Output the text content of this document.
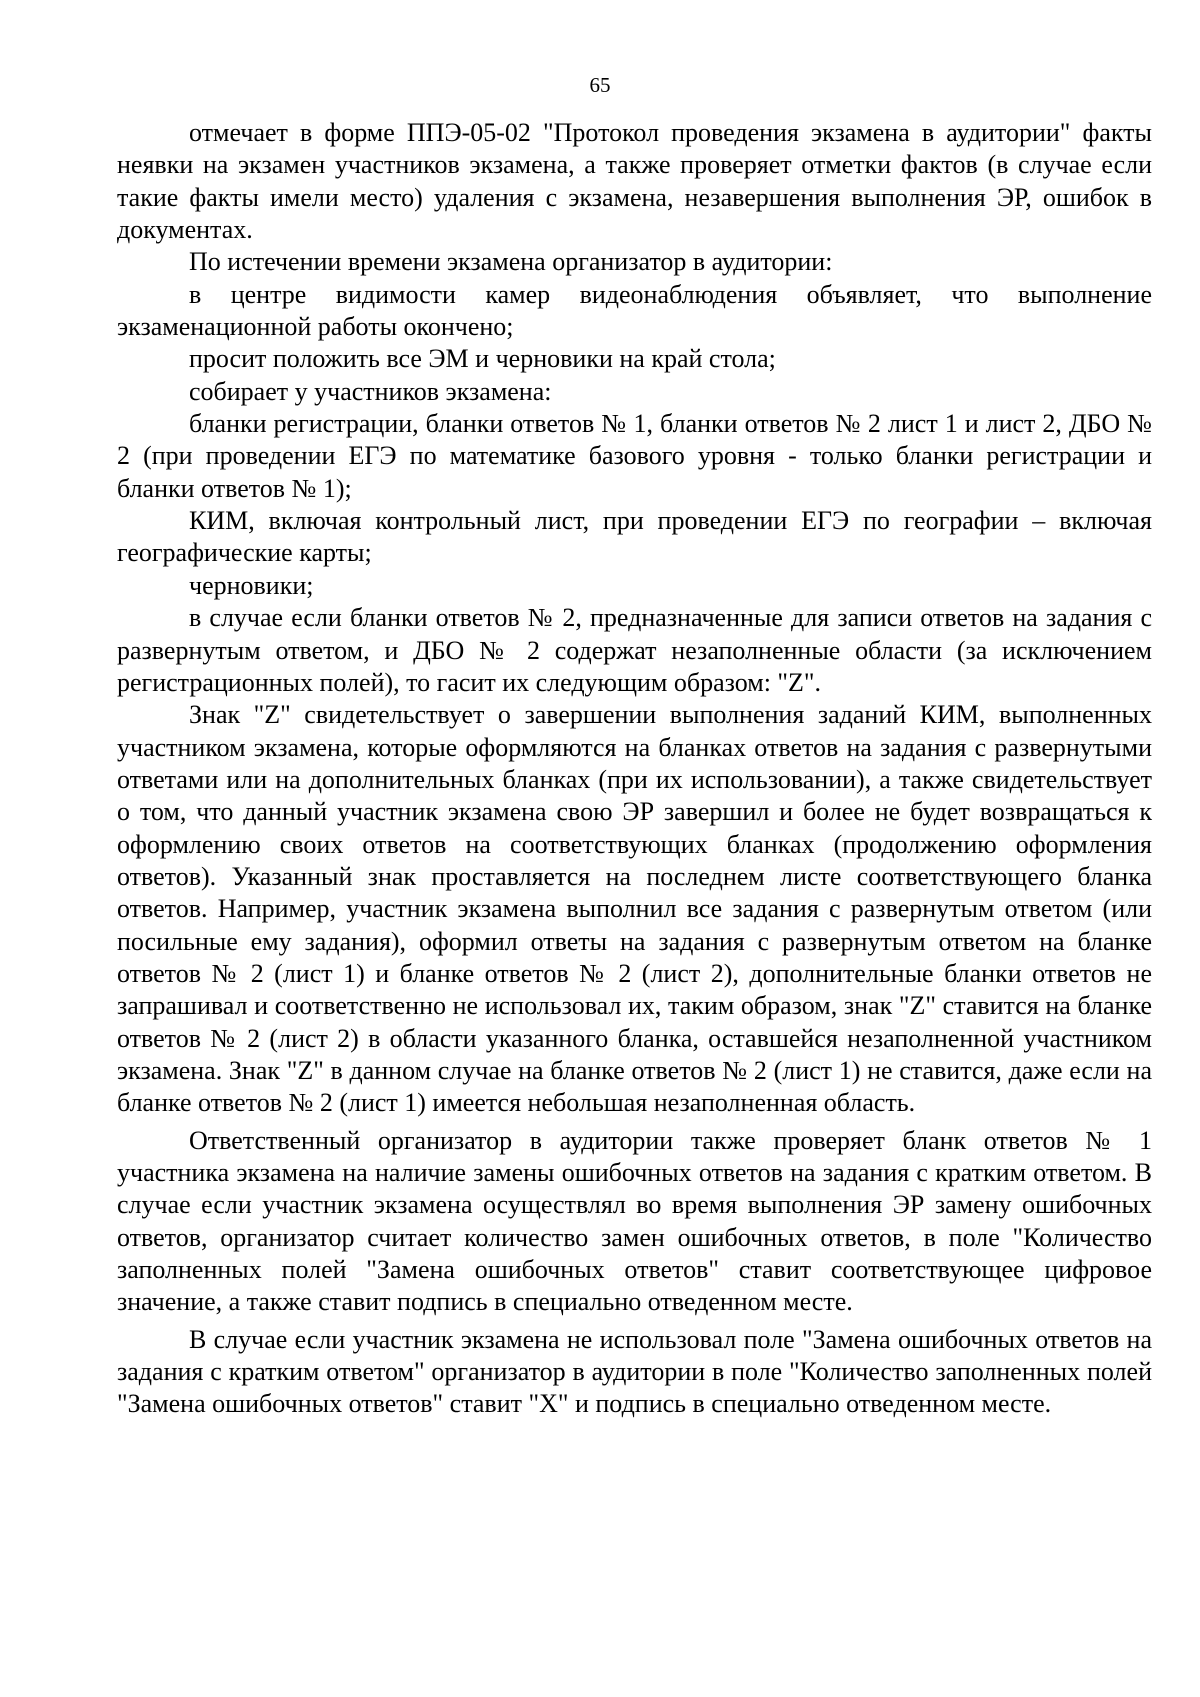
65

отмечает в форме ППЭ-05-02 "Протокол проведения экзамена в аудитории" факты неявки на экзамен участников экзамена, а также проверяет отметки фактов (в случае если такие факты имели место) удаления с экзамена, незавершения выполнения ЭР, ошибок в документах.

По истечении времени экзамена организатор в аудитории:

в центре видимости камер видеонаблюдения объявляет, что выполнение экзаменационной работы окончено;

просит положить все ЭМ и черновики на край стола;

собирает у участников экзамена:

бланки регистрации, бланки ответов № 1, бланки ответов № 2 лист 1 и лист 2, ДБО № 2 (при проведении ЕГЭ по математике базового уровня - только бланки регистрации и бланки ответов № 1);

КИМ, включая контрольный лист, при проведении ЕГЭ по географии – включая географические карты;

черновики;

в случае если бланки ответов № 2, предназначенные для записи ответов на задания с развернутым ответом, и ДБО № 2 содержат незаполненные области (за исключением регистрационных полей), то гасит их следующим образом: "Z".

Знак "Z" свидетельствует о завершении выполнения заданий КИМ, выполненных участником экзамена, которые оформляются на бланках ответов на задания с развернутыми ответами или на дополнительных бланках (при их использовании), а также свидетельствует о том, что данный участник экзамена свою ЭР завершил и более не будет возвращаться к оформлению своих ответов на соответствующих бланках (продолжению оформления ответов). Указанный знак проставляется на последнем листе соответствующего бланка ответов. Например, участник экзамена выполнил все задания с развернутым ответом (или посильные ему задания), оформил ответы на задания с развернутым ответом на бланке ответов № 2 (лист 1) и бланке ответов № 2 (лист 2), дополнительные бланки ответов не запрашивал и соответственно не использовал их, таким образом, знак "Z" ставится на бланке ответов № 2 (лист 2) в области указанного бланка, оставшейся незаполненной участником экзамена. Знак "Z" в данном случае на бланке ответов № 2 (лист 1) не ставится, даже если на бланке ответов № 2 (лист 1) имеется небольшая незаполненная область.

Ответственный организатор в аудитории также проверяет бланк ответов № 1 участника экзамена на наличие замены ошибочных ответов на задания с кратким ответом. В случае если участник экзамена осуществлял во время выполнения ЭР замену ошибочных ответов, организатор считает количество замен ошибочных ответов, в поле "Количество заполненных полей "Замена ошибочных ответов" ставит соответствующее цифровое значение, а также ставит подпись в специально отведенном месте.

В случае если участник экзамена не использовал поле "Замена ошибочных ответов на задания с кратким ответом" организатор в аудитории в поле "Количество заполненных полей "Замена ошибочных ответов" ставит "X" и подпись в специально отведенном месте.
